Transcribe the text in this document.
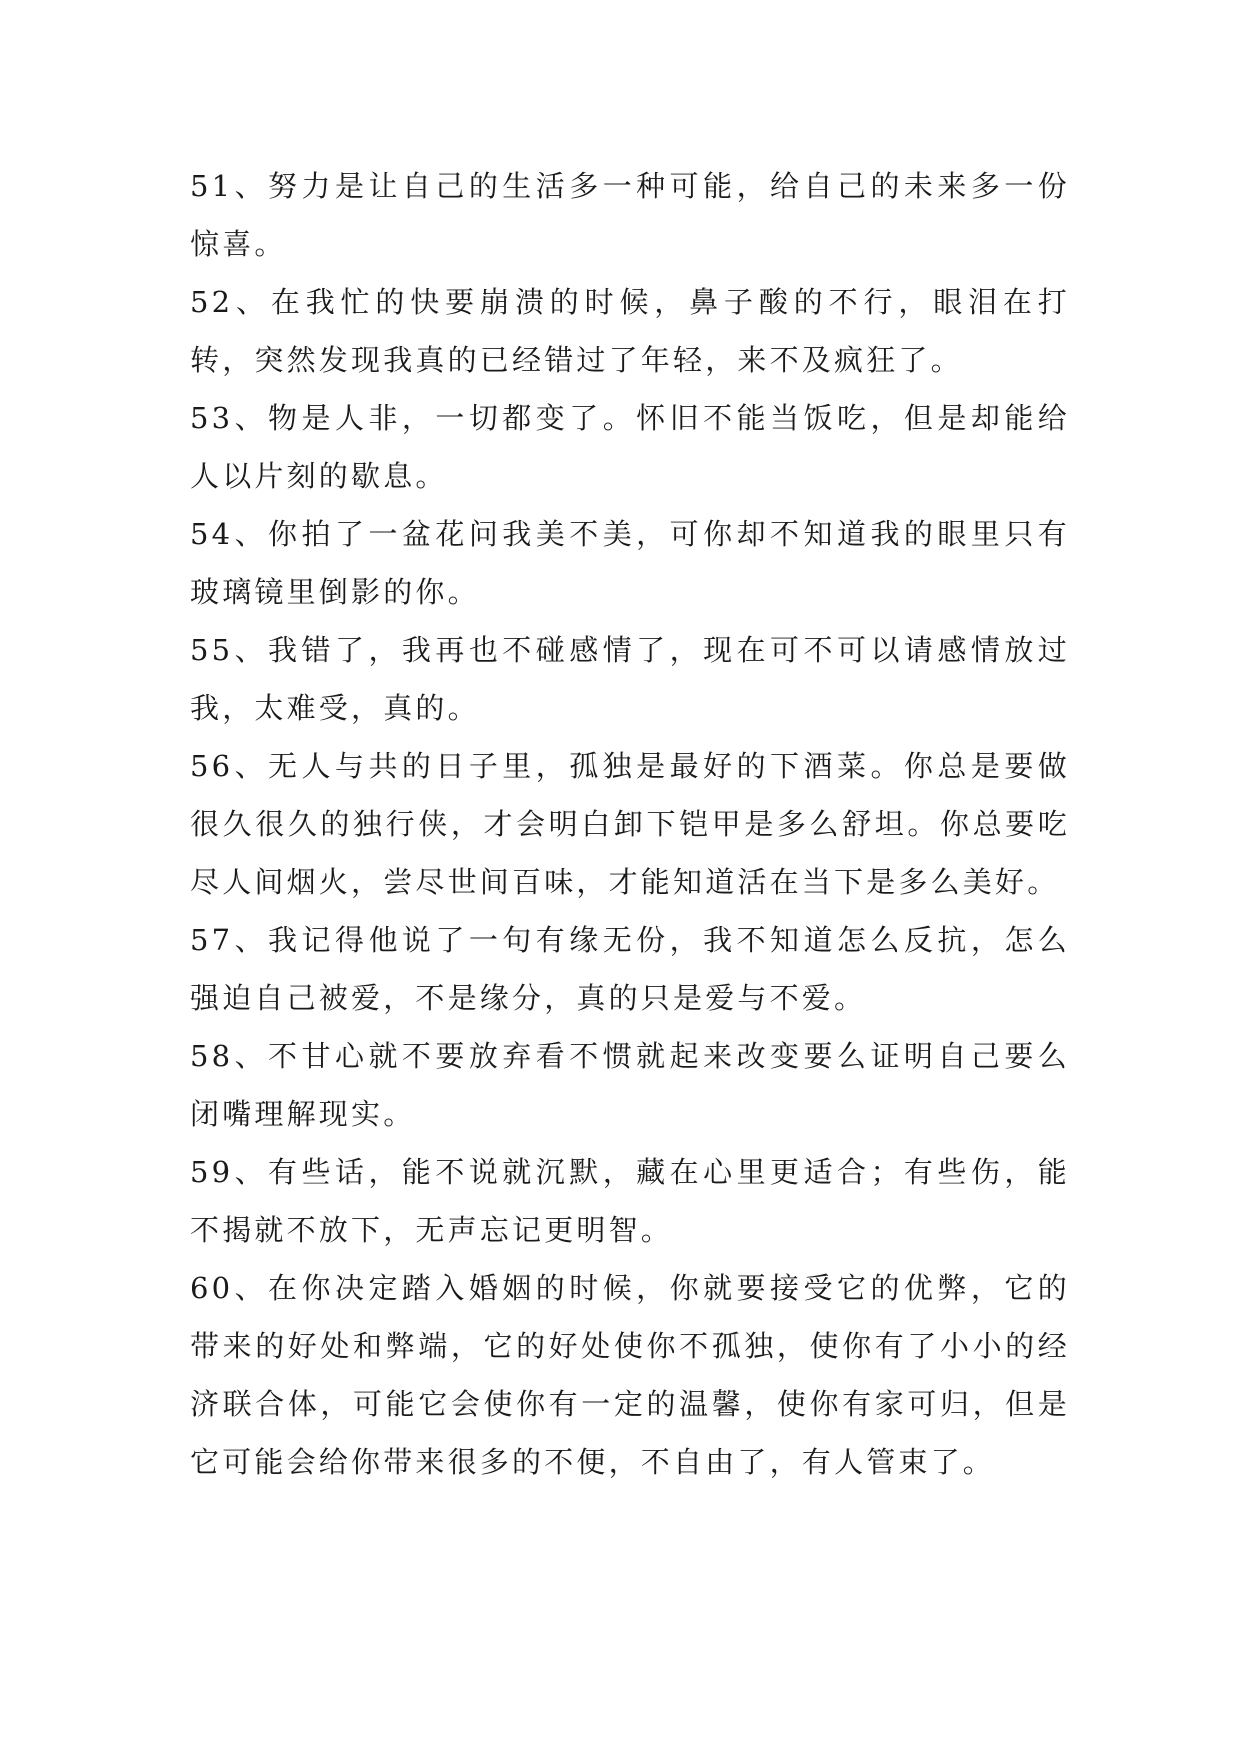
51、努力是让自己的生活多一种可能，给自己的未来多一份惊喜。

52、在我忙的快要崩溃的时候，鼻子酸的不行，眼泪在打转，突然发现我真的已经错过了年轻，来不及疯狂了。

53、物是人非，一切都变了。怀旧不能当饭吃，但是却能给人以片刻的歇息。

54、你拍了一盆花问我美不美，可你却不知道我的眼里只有玻璃镜里倒影的你。

55、我错了，我再也不碰感情了，现在可不可以请感情放过我，太难受，真的。

56、无人与共的日子里，孤独是最好的下酒菜。你总是要做很久很久的独行侠，才会明白卸下铠甲是多么舒坦。你总要吃尽人间烟火，尝尽世间百味，才能知道活在当下是多么美好。

57、我记得他说了一句有缘无份，我不知道怎么反抗，怎么强迫自己被爱，不是缘分，真的只是爱与不爱。

58、不甘心就不要放弃看不惯就起来改变要么证明自己要么闭嘴理解现实。

59、有些话，能不说就沉默，藏在心里更适合；有些伤，能不揭就不放下，无声忘记更明智。

60、在你决定踏入婚姻的时候，你就要接受它的优弊，它的带来的好处和弊端，它的好处使你不孤独，使你有了小小的经济联合体，可能它会使你有一定的温馨，使你有家可归，但是它可能会给你带来很多的不便，不自由了，有人管束了。
